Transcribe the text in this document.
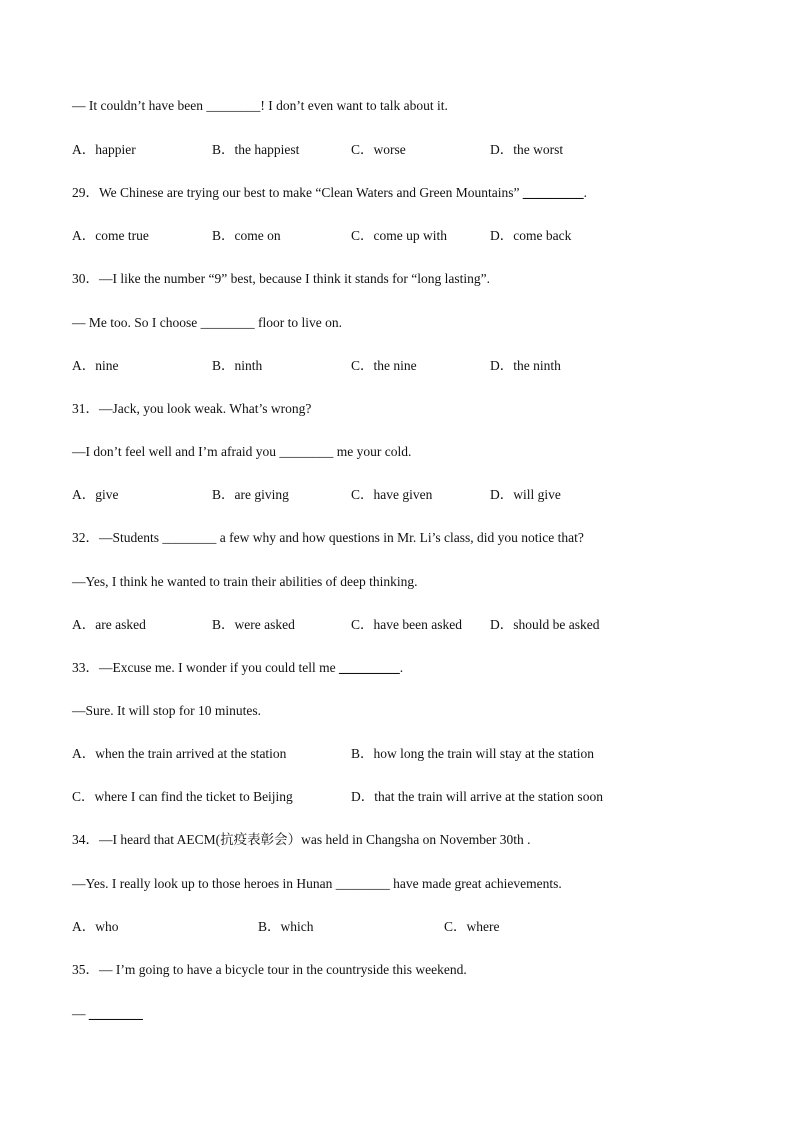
— It couldn’t have been ________! I don’t even want to talk about it.
A．happier	B．the happiest	C．worse	D．the worst
29．We Chinese are trying our best to make “Clean Waters and Green Mountains” _________.
A．come true	B．come on	C．come up with	D．come back
30．—I like the number “9” best, because I think it stands for “long lasting”.
— Me too. So I choose ________ floor to live on.
A．nine	B．ninth	C．the nine	D．the ninth
31．—Jack, you look weak. What’s wrong?
—I don’t feel well and I’m afraid you ________ me your cold.
A．give	B．are giving	C．have given	D．will give
32．—Students ________ a few why and how questions in Mr. Li’s class, did you notice that?
—Yes, I think he wanted to train their abilities of deep thinking.
A．are asked	B．were asked	C．have been asked D．should be asked
33．—Excuse me. I wonder if you could tell me _________.
—Sure. It will stop for 10 minutes.
A．when the train arrived at the station	B．how long the train will stay at the station
C．where I can find the ticket to Beijing	D．that the train will arrive at the station soon
34．—I heard that AECM(抗疫表彰会）was held in Changsha on November 30th .
—Yes. I really look up to those heroes in Hunan ________ have made great achievements.
A．who	B．which	C．where
35．— I’m going to have a bicycle tour in the countryside this weekend.
— ________
